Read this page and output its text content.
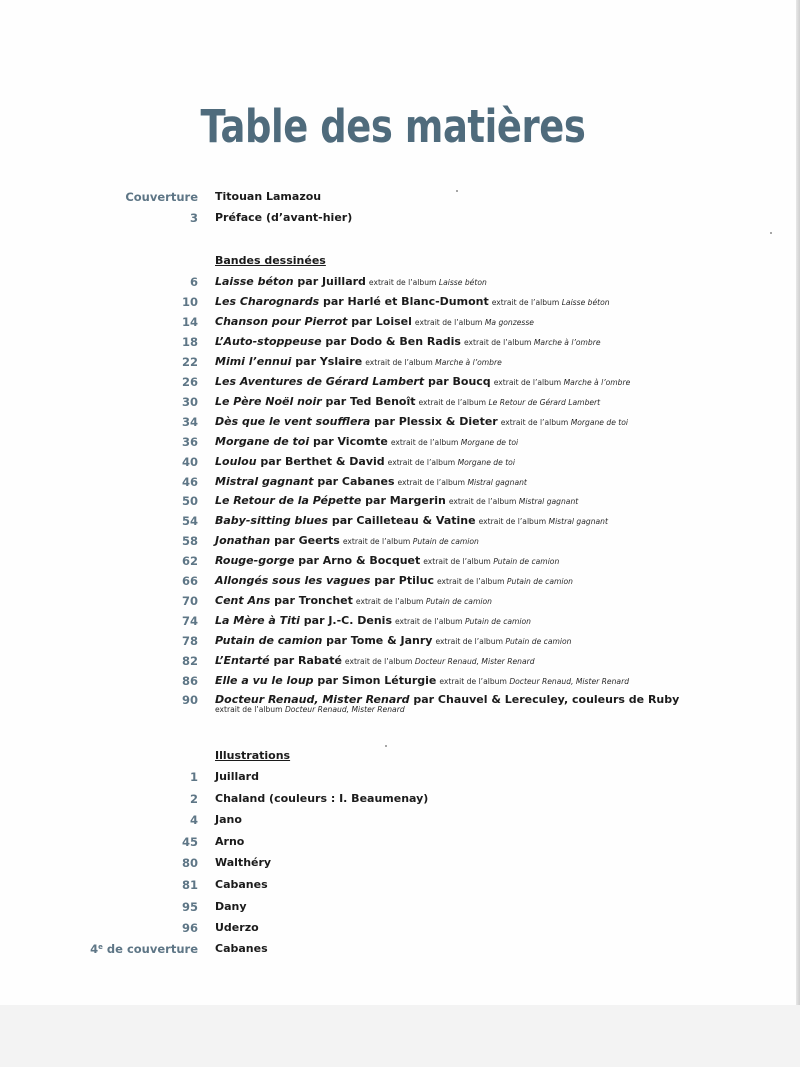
Table des matières
Couverture Titouan Lamazou
3 Préface (d’avant-hier)
Bandes dessinées
6 Laisse béton par Juillard extrait de l’album Laisse béton
10 Les Charognards par Harlé et Blanc-Dumont extrait de l’album Laisse béton
14 Chanson pour Pierrot par Loisel extrait de l’album Ma gonzesse
18 L’Auto-stoppeuse par Dodo & Ben Radis extrait de l’album Marche à l’ombre
22 Mimi l’ennui par Yslaire extrait de l’album Marche à l’ombre
26 Les Aventures de Gérard Lambert par Boucq extrait de l’album Marche à l’ombre
30 Le Père Noël noir par Ted Benoît extrait de l’album Le Retour de Gérard Lambert
34 Dès que le vent soufflera par Plessix & Dieter extrait de l’album Morgane de toi
36 Morgane de toi par Vicomte extrait de l’album Morgane de toi
40 Loulou par Berthet & David extrait de l’album Morgane de toi
46 Mistral gagnant par Cabanes extrait de l’album Mistral gagnant
50 Le Retour de la Pépette par Margerin extrait de l’album Mistral gagnant
54 Baby-sitting blues par Cailleteau & Vatine extrait de l’album Mistral gagnant
58 Jonathan par Geerts extrait de l’album Putain de camion
62 Rouge-gorge par Arno & Bocquet extrait de l’album Putain de camion
66 Allongés sous les vagues par Ptiluc extrait de l’album Putain de camion
70 Cent Ans par Tronchet extrait de l’album Putain de camion
74 La Mère à Titi par J.-C. Denis extrait de l’album Putain de camion
78 Putain de camion par Tome & Janry extrait de l’album Putain de camion
82 L’Entarté par Rabaté extrait de l’album Docteur Renaud, Mister Renard
86 Elle a vu le loup par Simon Léturgie extrait de l’album Docteur Renaud, Mister Renard
90 Docteur Renaud, Mister Renard par Chauvel & Lereculey, couleurs de Ruby
extrait de l’album Docteur Renaud, Mister Renard
Illustrations
1 Juillard
2 Chaland (couleurs : I. Beaumenay)
4 Jano
45 Arno
80 Walthéry
81 Cabanes
95 Dany
96 Uderzo
4e de couverture Cabanes
